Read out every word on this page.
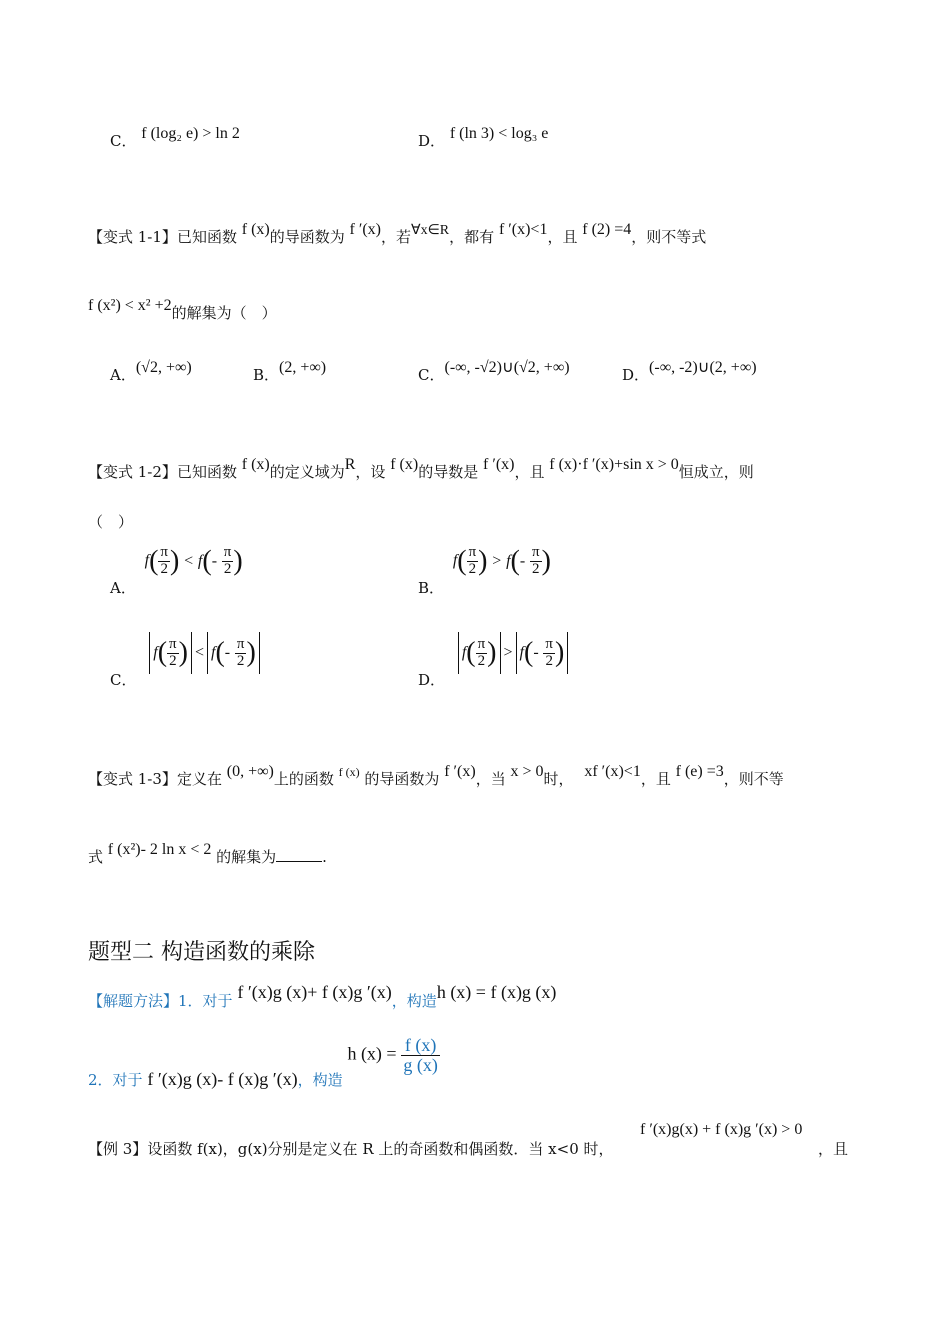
C． f (log₂ e) > ln 2	D． f (ln 3) < log₃ e
【变式 1-1】已知函数 f (x)的导函数为 f ′(x)，若∀x∈R，都有 f ′(x)<1，且 f (2) =4，则不等式
f (x²) < x² +2的解集为（　）
A．(√2, +∞)	B．(2, +∞)	C．(-∞, -√2)∪(√2, +∞)	D．(-∞, -2)∪(2, +∞)
【变式 1-2】已知函数 f (x)的定义域为R，设 f (x)的导数是 f ′(x)，且 f (x)·f ′(x)+sin x > 0恒成立，则
（　）
A． $f( \frac{\pi}{2}$ ) < $f(- \frac{\pi}{2}$ )
B． $f( \frac{\pi}{2}$ ) > $f(- \frac{\pi}{2}$ )
C． $f( \frac{\pi}{2}$ ) < $f(- \frac{\pi}{2}$ )
D． $f( \frac{\pi}{2}$ ) > $f(- \frac{\pi}{2}$ )
【变式 1-3】定义在 (0, +∞)上的函数 $^{f (x)}$ 的导函数为 f ′(x)，当 x > 0时， xf ′(x)<1，且 f (e) =3，则不等
式 f (x²)- 2 ln x < 2 的解集为	.
题型二 构造函数的乘除
【解题方法】1．对于 f ′(x)g (x)+ f (x)g ′(x)，构造h (x) = f (x)g (x)
2．对于 f ′(x)g (x)- f (x)g ′(x)，构造 h $(x) = \frac{f (x)}{g (x)}$
【例 3】设函数 f(x)，g(x)分别是定义在 R 上的奇函数和偶函数．当 x<0 时，
f ′(x)g(x) + f (x)g ′(x) > 0
，且
